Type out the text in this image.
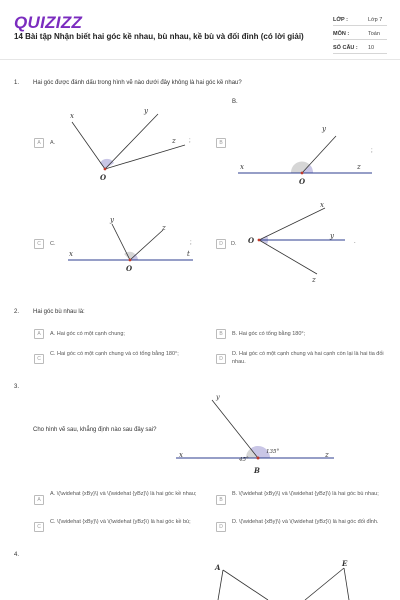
QUIZIZZ
14 Bài tập Nhận biết hai góc kề nhau, bù nhau, kề bù và đối đỉnh (có lời giải)
LỚP :	Lớp 7
MÔN :	Toán
SỐ CÂU : 10
1. Hai góc được đánh dấu trong hình vẽ nào dưới đây không là hai góc kề nhau?
B.
A	A.	B
C	C.	D	D.
;
;
;	.
x
y
z
O
y
x	z
O
y
z
x	t
O
x
O	y
z
2. Hai góc bù nhau là:
A	A. Hai góc có một cạnh chung;	B	B. Hai góc có tổng bằng 180°;
C
C. Hai góc có một cạnh chung và có tổng bằng 180°;
D
D. Hai góc có một cạnh chung và hai cạnh còn lại là hai tia đối nhau.
3.
Cho hình vẽ sau, khẳng định nào sau đây sai?
y
x	z
B
45°
135°
A
A. \(\widehat {xBy}\) và \(\widehat {yBz}\) là hai góc kề nhau;
B
B. \(\widehat {xBy}\) và \(\widehat {yBz}\) là hai góc bù nhau;
C
C. \(\widehat {xBy}\) và \(\widehat {yBz}\) là hai góc kề bù;
D
D. \(\widehat {xBy}\) và \(\widehat {yBz}\) là hai góc đối đỉnh.
4.
A	E
